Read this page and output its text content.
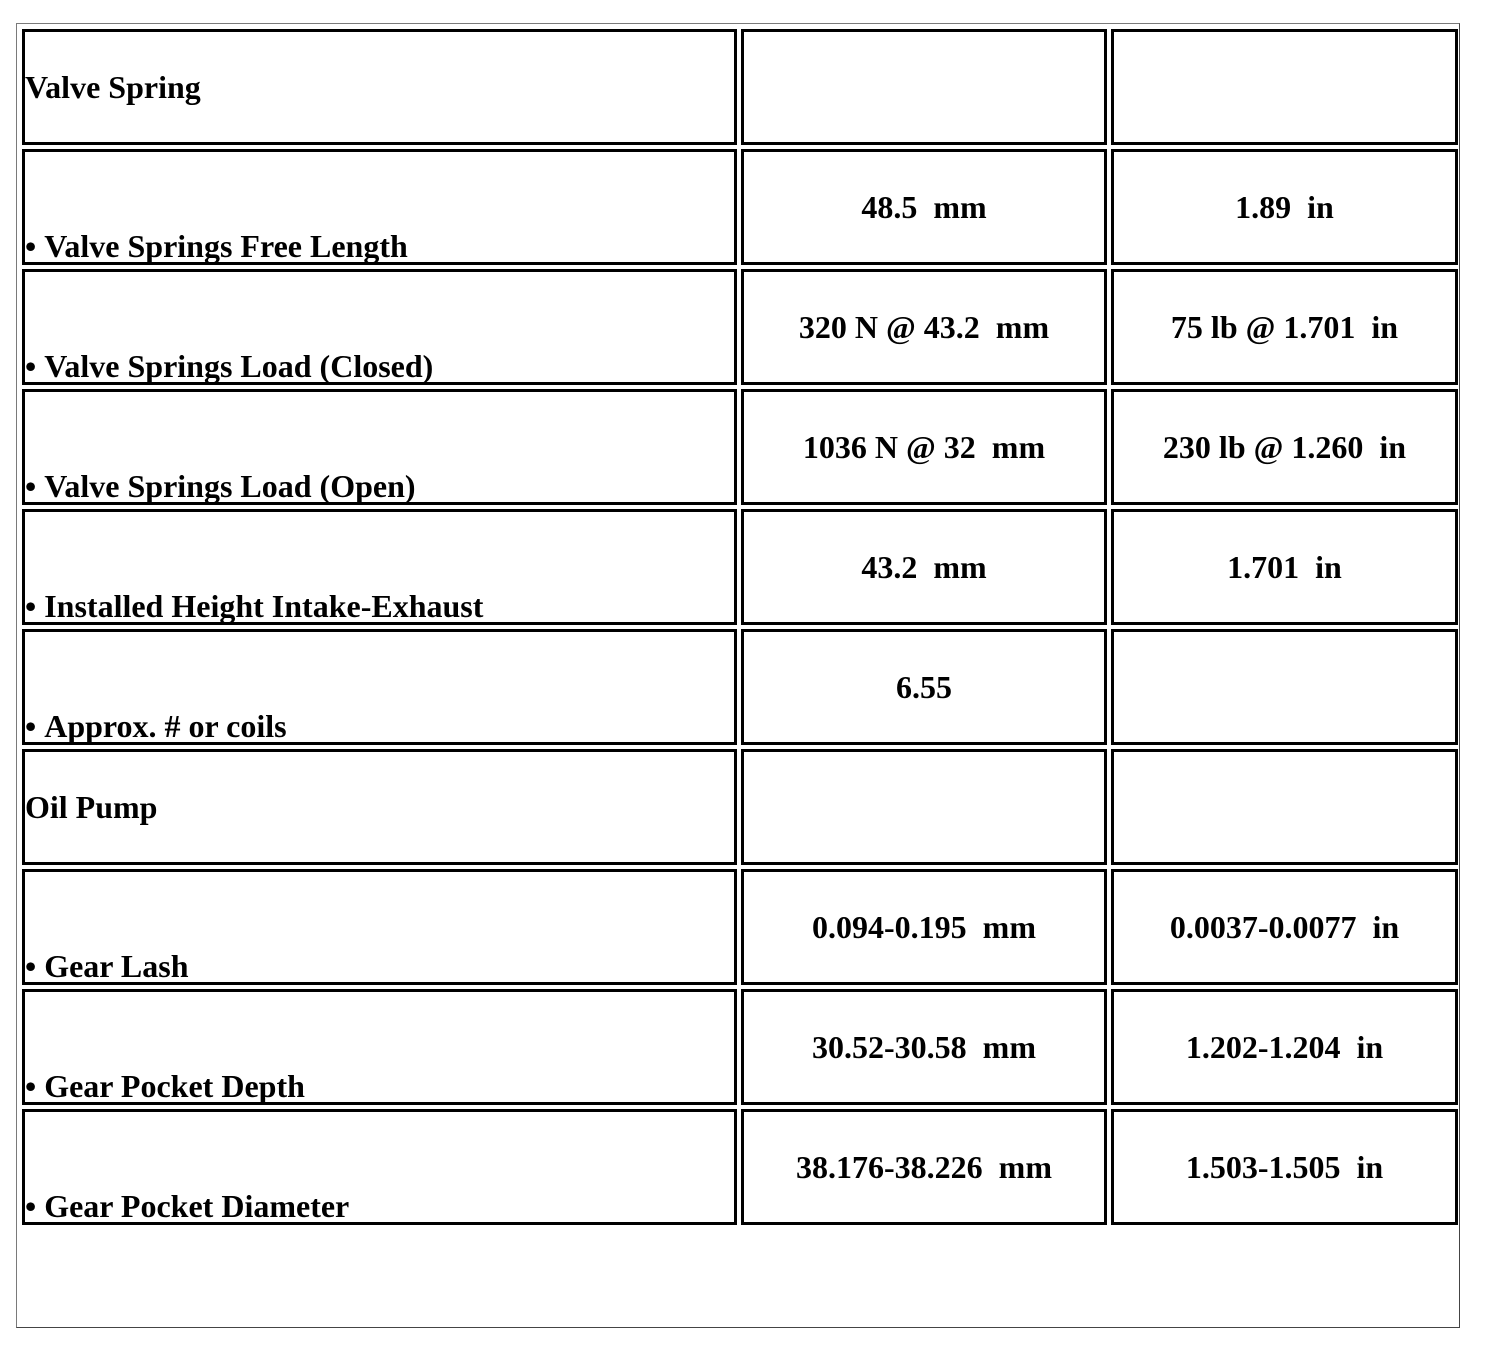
Valve Spring		
• Valve Springs Free Length	48.5  mm	1.89  in
• Valve Springs Load (Closed)	320 N @ 43.2  mm	75 lb @ 1.701  in
• Valve Springs Load (Open)	1036 N @ 32  mm	230 lb @ 1.260  in
• Installed Height Intake-Exhaust	43.2  mm	1.701  in
• Approx. # or coils	6.55	
Oil Pump		
• Gear Lash	0.094-0.195  mm	0.0037-0.0077  in
• Gear Pocket Depth	30.52-30.58  mm	1.202-1.204  in
• Gear Pocket Diameter	38.176-38.226  mm	1.503-1.505  in
